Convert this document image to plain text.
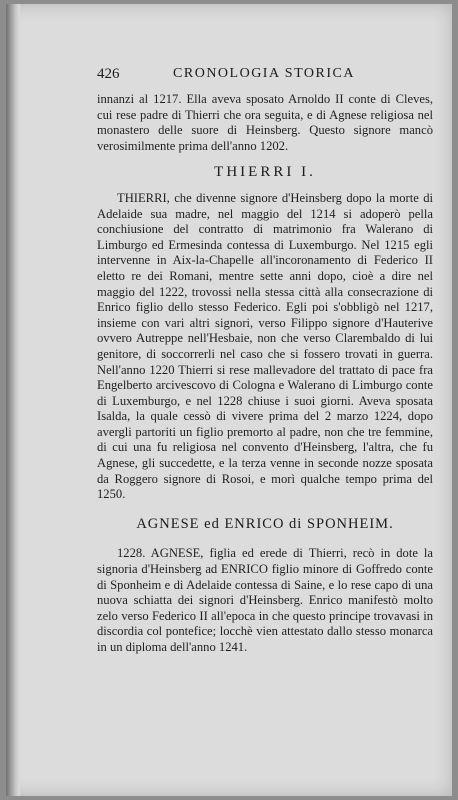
426	CRONOLOGIA STORICA

innanzi al 1217. Ella aveva sposato Arnoldo II conte di Cleves, cui rese padre di Thierri che ora seguita, e di Agnese religiosa nel monastero delle suore di Heinsberg. Questo signore mancò verosimilmente prima dell'anno 1202.

THIERRI I.

THIERRI, che divenne signore d'Heinsberg dopo la morte di Adelaide sua madre, nel maggio del 1214 si adoperò pella conchiusione del contratto di matrimonio fra Walerano di Limburgo ed Ermesinda contessa di Luxemburgo. Nel 1215 egli intervenne in Aix-la-Chapelle all'incoronamento di Federico II eletto re dei Romani, mentre sette anni dopo, cioè a dire nel maggio del 1222, trovossi nella stessa città alla consecrazione di Enrico figlio dello stesso Federico. Egli poi s'obbligò nel 1217, insieme con vari altri signori, verso Filippo signore d'Hauterive ovvero Autreppe nell'Hesbaie, non che verso Clarembaldo di lui genitore, di soccorrerli nel caso che si fossero trovati in guerra. Nell'anno 1220 Thierri si rese mallevadore del trattato di pace fra Engelberto arcivescovo di Cologna e Walerano di Limburgo conte di Luxemburgo, e nel 1228 chiuse i suoi giorni. Aveva sposata Isalda, la quale cessò di vivere prima del 2 marzo 1224, dopo avergli partoriti un figlio premorto al padre, non che tre femmine, di cui una fu religiosa nel convento d'Heinsberg, l'altra, che fu Agnese, gli succedette, e la terza venne in seconde nozze sposata da Roggero signore di Rosoi, e morì qualche tempo prima del 1250.

AGNESE ed ENRICO di SPONHEIM.

1228. AGNESE, figlia ed erede di Thierri, recò in dote la signoria d'Heinsberg ad ENRICO figlio minore di Goffredo conte di Sponheim e di Adelaide contessa di Saine, e lo rese capo di una nuova schiatta dei signori d'Heinsberg. Enrico manifestò molto zelo verso Federico II all'epoca in che questo principe trovavasi in discordia col pontefice; locchè vien attestato dallo stesso monarca in un diploma dell'anno 1241.
